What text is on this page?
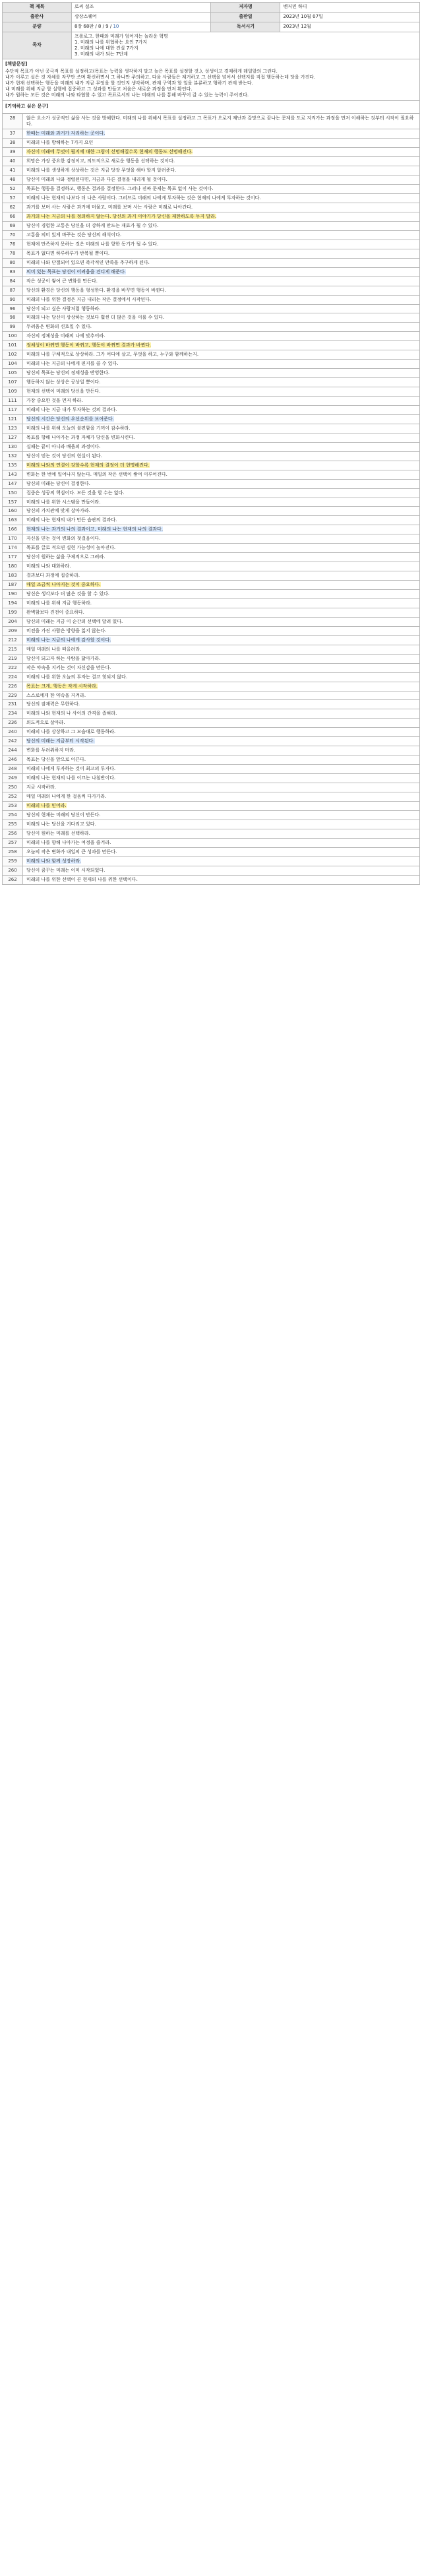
책 제목	로씨 설조	저자명	벤저민 하디
출판사	상상스퀘어	출판일	2023년 10월 07일
분량	8장 68판 / 8 / 9 / 10	독서시기	2023년 12월
목차	프롤로그. 한때와 미래가 엎어지는 놀라운 혁명
1. 미래의 나를 위협하는 요인 7가지
2. 미래의 나에 대한 진실 7가지
3. 미래의 내가 되는 7단계		
[책발문장]
수단적 목표가 아닌 공극적 목표를 설정하고(목표는 능력을 생각하지 말고 높은 목표를 설정할 것.), 성생이고 경제하게 레일앞의 그린다.
내가 이루고 싶은 것 자체를 자꾸만 쓰며 확신하면서 그 하나만 주의하고, 다음 사람들은 제거하고 그 선택을 넘어서 선택지를 직접 행동하는데 당을 가진다.
내가 현재 선택하는 행동을 미래의 내가 지금 무엇을 할 것인지 생각하며, 관계 구역과 할 일을 분류하고 행하기 관계 받는다.
내 미래를 위해 지금 할 실행에 집중하고 그 성과를 만들고 처음은 새로운 과정을 먼저 확인다.
내가 원하는 모든 것은 미래의 나와 타협할 수 있고 목표로서의 나는 미래의 나를 통해 바꾸어 갈 수 있는 능력이 주어진다.
[기억하고 싶은 문구]
28	않은 요소가 성공적인 삶을 사는 것을 방해한다. 미래의 나를 위해서 목표를 설정하고 그 목표가 오로지 재난과 갈망으로 끝나는 문제를 도로 지켜가는 과정을 먼저 이해하는 것부터 시작이 필요하다.
37	한때는 미래와 과거가 자리하는 곳이다.
38	미래의 나를 방해하는 7가지 요인
39	자신이 미래에 무엇이 될지에 대한 그림이 선명해질수록 현재의 행동도 선명해진다.
40	희망은 가장 중요한 감정이고, 의도적으로 새로운 행동을 선택하는 것이다.
41	미래의 나를 생생하게 상상하는 것은 지금 당장 무엇을 해야 할지 알려준다.
48	당신이 미래의 나와 정렬된다면, 지금과 다른 결정을 내리게 될 것이다.
52	목표는 행동을 결정하고, 행동은 결과를 결정한다. 그러나 진짜 문제는 목표 없이 사는 것이다.
57	미래의 나는 현재의 나보다 더 나은 사람이다. 그러므로 미래의 나에게 투자하는 것은 현재의 나에게 투자하는 것이다.
62	과거를 보며 사는 사람은 과거에 머물고, 미래를 보며 사는 사람은 미래로 나아간다.
66	과거의 나는 지금의 나를 정의하지 않는다. 당신의 과거 이야기가 당신을 제한하도록 두지 말라.
69	당신이 경험한 고통은 당신을 더 강하게 만드는 재료가 될 수 있다.
70	고통을 의미 있게 바꾸는 것은 당신의 해석이다.
76	현재에 만족하지 못하는 것은 미래의 나를 향한 동기가 될 수 있다.
78	목표가 없다면 하루하루가 반복될 뿐이다.
80	미래의 나와 단절되어 있으면 즉각적인 만족을 추구하게 된다.
83	의미 있는 목표는 당신이 어려움을 견디게 해준다.
84	작은 성공이 쌓여 큰 변화를 만든다.
87	당신의 환경은 당신의 행동을 형성한다. 환경을 바꾸면 행동이 바뀐다.
90	미래의 나를 위한 결정은 지금 내리는 작은 결정에서 시작된다.
96	당신이 되고 싶은 사람처럼 행동하라.
98	미래의 나는 당신이 상상하는 것보다 훨씬 더 많은 것을 이룰 수 있다.
99	두려움은 변화의 신호일 수 있다.
100	자신의 정체성을 미래의 나에 맞추어라.
101	정체성이 바뀌면 행동이 바뀌고, 행동이 바뀌면 결과가 바뀐다.
102	미래의 나를 구체적으로 상상하라. 그가 어디에 살고, 무엇을 하고, 누구와 함께하는지.
104	미래의 나는 지금의 나에게 편지를 쓸 수 있다.
105	당신의 목표는 당신의 정체성을 반영한다.
107	행동하지 않는 상상은 공상일 뿐이다.
109	현재의 선택이 미래의 당신을 만든다.
111	가장 중요한 것을 먼저 하라.
117	미래의 나는 지금 내가 투자하는 것의 결과다.
121	당신의 시간은 당신의 우선순위를 보여준다.
123	미래의 나를 위해 오늘의 불편함을 기꺼이 감수하라.
127	목표를 향해 나아가는 과정 자체가 당신을 변화시킨다.
130	실패는 끝이 아니라 배움의 과정이다.
132	당신이 믿는 것이 당신의 현실이 된다.
135	미래의 나와의 연결이 강할수록 현재의 결정이 더 현명해진다.
143	변화는 한 번에 일어나지 않는다. 매일의 작은 선택이 쌓여 이루어진다.
147	당신의 미래는 당신이 결정한다.
150	집중은 성공의 핵심이다. 모든 것을 할 수는 없다.
157	미래의 나를 위한 시스템을 만들어라.
160	당신의 가치관에 맞게 살아가라.
163	미래의 나는 현재의 내가 만든 습관의 결과다.
166	현재의 나는 과거의 나의 결과이고, 미래의 나는 현재의 나의 결과다.
170	자신을 믿는 것이 변화의 첫걸음이다.
174	목표를 글로 적으면 실현 가능성이 높아진다.
177	당신이 원하는 삶을 구체적으로 그려라.
180	미래의 나와 대화하라.
183	결과보다 과정에 집중하라.
187	매일 조금씩 나아지는 것이 중요하다.
190	당신은 생각보다 더 많은 것을 할 수 있다.
194	미래의 나를 위해 지금 행동하라.
199	완벽함보다 진전이 중요하다.
204	당신의 미래는 지금 이 순간의 선택에 달려 있다.
209	비전을 가진 사람은 방향을 잃지 않는다.
212	미래의 나는 지금의 나에게 감사할 것이다.
215	매일 미래의 나를 떠올려라.
219	당신이 되고자 하는 사람을 닮아가라.
222	작은 약속을 지키는 것이 자신감을 만든다.
224	미래의 나를 위한 오늘의 투자는 결코 헛되지 않다.
226	목표는 크게, 행동은 작게 시작하라.
229	스스로에게 한 약속을 지켜라.
231	당신의 잠재력은 무한하다.
234	미래의 나와 현재의 나 사이의 간격을 좁혀라.
236	의도적으로 살아라.
240	미래의 나를 상상하고 그 모습대로 행동하라.
242	당신의 미래는 지금부터 시작된다.
244	변화를 두려워하지 마라.
246	목표는 당신을 앞으로 이끈다.
248	미래의 나에게 투자하는 것이 최고의 투자다.
249	미래의 나는 현재의 나를 이끄는 나침반이다.
250	지금 시작하라.
252	매일 미래의 나에게 한 걸음씩 다가가라.
253	미래의 나를 믿어라.
254	당신의 현재는 미래의 당신이 만든다.
255	미래의 나는 당신을 기다리고 있다.
256	당신이 원하는 미래를 선택하라.
257	미래의 나를 향해 나아가는 여정을 즐겨라.
258	오늘의 작은 변화가 내일의 큰 성과를 만든다.
259	미래의 나와 함께 성장하라.
260	당신이 꿈꾸는 미래는 이미 시작되었다.
262	미래의 나를 위한 선택이 곧 현재의 나를 위한 선택이다.
